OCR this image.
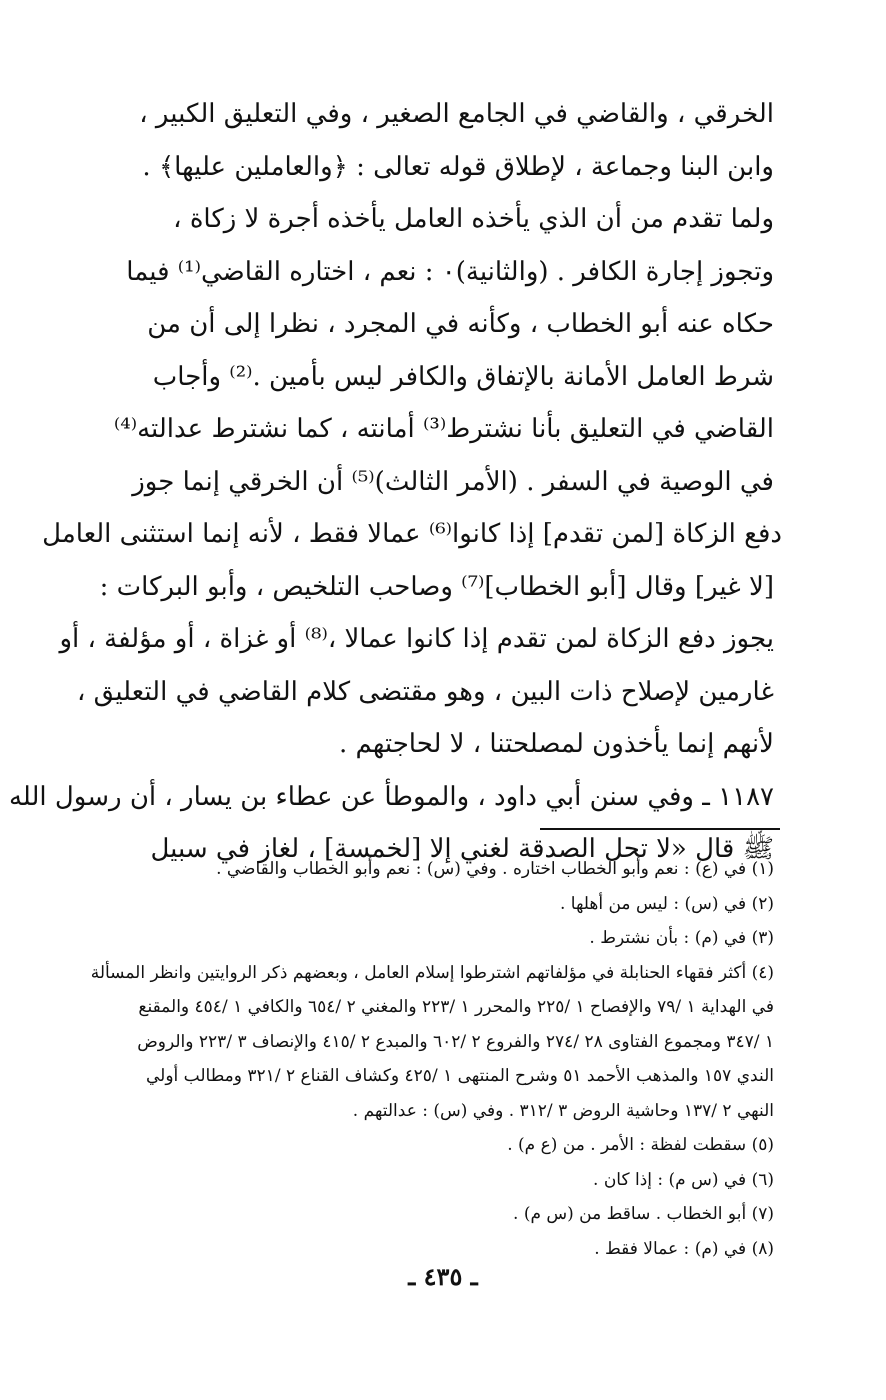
الخرقي ، والقاضي في الجامع الصغير ، وفي التعليق الكبير ،
وابن البنا وجماعة ، لإطلاق قوله تعالى : ﴿والعاملين عليها﴾ .
ولما تقدم من أن الذي يأخذه العامل يأخذه أجرة لا زكاة ،
وتجوز إجارة الكافر . (والثانية)٠ : نعم ، اختاره القاضي⁽¹⁾ فيما
حكاه عنه أبو الخطاب ، وكأنه في المجرد ، نظرا إلى أن من
شرط العامل الأمانة بالإتفاق والكافر ليس بأمين .⁽²⁾ وأجاب
القاضي في التعليق بأنا نشترط⁽³⁾ أمانته ، كما نشترط عدالته⁽⁴⁾
في الوصية في السفر . (الأمر الثالث)⁽⁵⁾ أن الخرقي إنما جوز
دفع الزكاة [لمن تقدم] إذا كانوا⁽⁶⁾ عمالا فقط ، لأنه إنما استثنى العامل
[لا غير] وقال [أبو الخطاب]⁽⁷⁾ وصاحب التلخيص ، وأبو البركات :
يجوز دفع الزكاة لمن تقدم إذا كانوا عمالا ،⁽⁸⁾ أو غزاة ، أو مؤلفة ، أو
غارمين لإصلاح ذات البين ، وهو مقتضى كلام القاضي في التعليق ،
لأنهم إنما يأخذون لمصلحتنا ، لا لحاجتهم .
١١٨٧ ـ وفي سنن أبي داود ، والموطأ عن عطاء بن يسار ، أن رسول الله
ﷺ قال «لا تحل الصدقة لغني إلا [لخمسة] ، لغاز في سبيل
(١) في (ع) : نعم وأبو الخطاب اختاره . وفي (س) : نعم وأبو الخطاب والقاضي .
(٢) في (س) : ليس من أهلها .
(٣) في (م) : بأن نشترط .
(٤) أكثر فقهاء الحنابلة في مؤلفاتهم اشترطوا إسلام العامل ، وبعضهم ذكر الروايتين وانظر المسألة
في الهداية ١ /٧٩ والإفصاح ١ /٢٢٥ والمحرر ١ /٢٢٣ والمغني ٢ /٦٥٤ والكافي ١ /٤٥٤ والمقنع
١ /٣٤٧ ومجموع الفتاوى ٢٨ /٢٧٤ والفروع ٢ /٦٠٢ والمبدع ٢ /٤١٥ والإنصاف ٣ /٢٢٣ والروض
الندي ١٥٧ والمذهب الأحمد ٥١ وشرح المنتهى ١ /٤٢٥ وكشاف القناع ٢ /٣٢١ ومطالب أولي
النهي ٢ /١٣٧ وحاشية الروض ٣ /٣١٢ . وفي (س) : عدالتهم .
(٥) سقطت لفظة : الأمر . من (ع م) .
(٦) في (س م) : إذا كان .
(٧) أبو الخطاب . ساقط من (س م) .
(٨) في (م) : عمالا فقط .
ـ ٤٣٥ ـ
